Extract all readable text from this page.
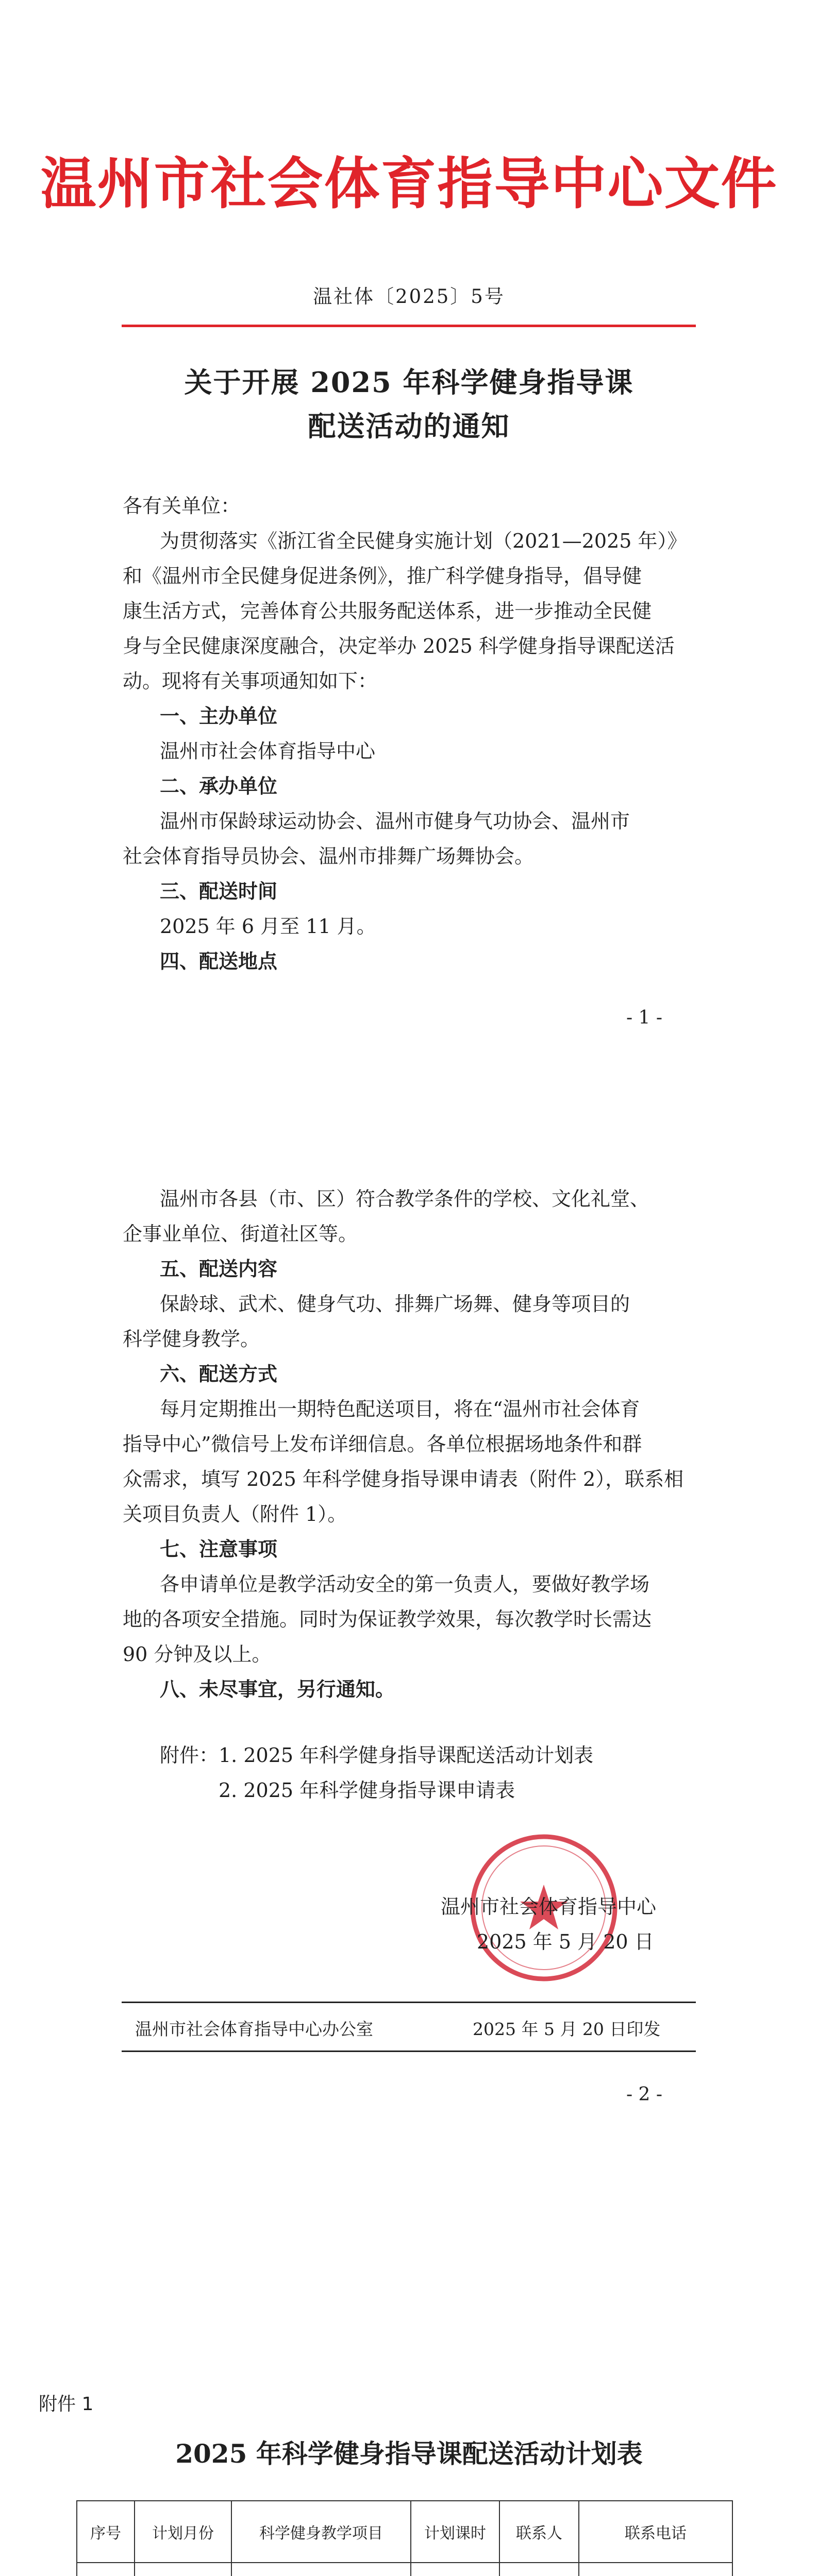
温州市社会体育指导中心文件
温社体〔2025〕5号
关于开展 2025 年科学健身指导课
配送活动的通知
各有关单位：
为贯彻落实《浙江省全民健身实施计划（2021—2025 年）》
和《温州市全民健身促进条例》，推广科学健身指导，倡导健
康生活方式，完善体育公共服务配送体系，进一步推动全民健
身与全民健康深度融合，决定举办 2025 科学健身指导课配送活
动。现将有关事项通知如下：
一、主办单位
温州市社会体育指导中心
二、承办单位
温州市保龄球运动协会、温州市健身气功协会、温州市
社会体育指导员协会、温州市排舞广场舞协会。
三、配送时间
2025 年 6 月至 11 月。
四、配送地点
- 1 -
温州市各县（市、区）符合教学条件的学校、文化礼堂、
企事业单位、街道社区等。
五、配送内容
保龄球、武术、健身气功、排舞广场舞、健身等项目的
科学健身教学。
六、配送方式
每月定期推出一期特色配送项目，将在“温州市社会体育
指导中心”微信号上发布详细信息。各单位根据场地条件和群
众需求，填写 2025 年科学健身指导课申请表（附件 2），联系相
关项目负责人（附件 1）。
七、注意事项
各申请单位是教学活动安全的第一负责人，要做好教学场
地的各项安全措施。同时为保证教学效果，每次教学时长需达
90 分钟及以上。
八、未尽事宜，另行通知。
附件： 1. 2025 年科学健身指导课配送活动计划表
2. 2025 年科学健身指导课申请表
温州市社会体育指导中心
2025 年 5 月 20 日
温州市社会体育指导中心办公室	2025 年 5 月 20 日印发
- 2 -
附件 1
2025 年科学健身指导课配送活动计划表
序号	计划月份	科学健身教学项目	计划课时	联系人	联系电话
